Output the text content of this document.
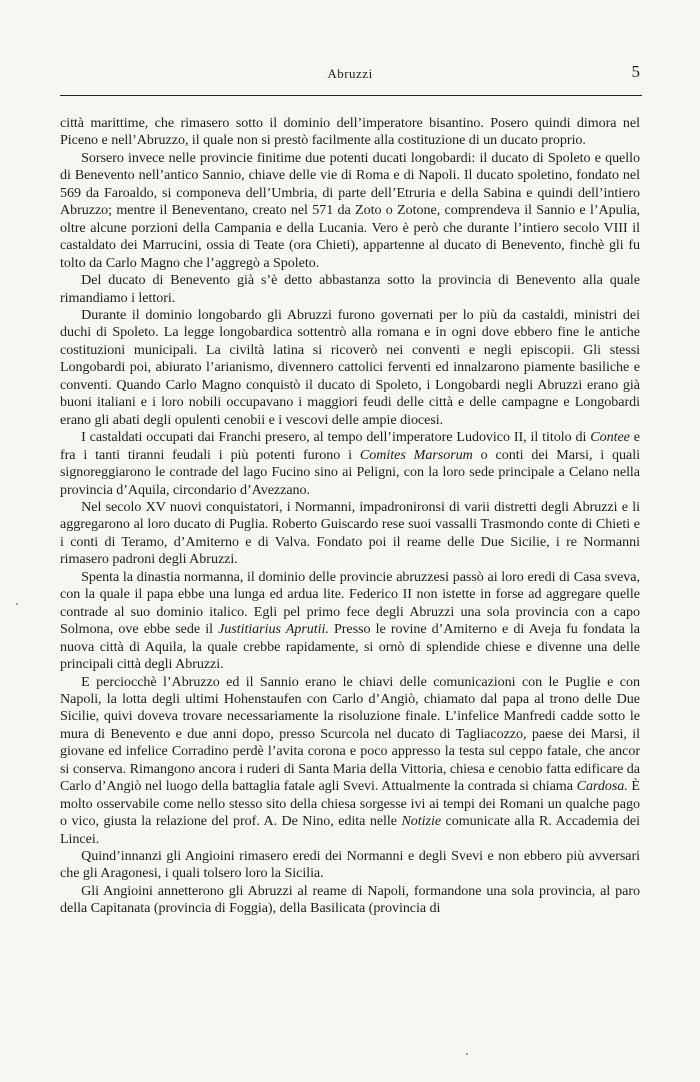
Abruzzi	5

città marittime, che rimasero sotto il dominio dell’imperatore bisantino. Posero quindi dimora nel Piceno e nell’Abruzzo, il quale non si prestò facilmente alla costituzione di un ducato proprio.

Sorsero invece nelle provincie finitime due potenti ducati longobardi: il ducato di Spoleto e quello di Benevento nell’antico Sannio, chiave delle vie di Roma e di Napoli. Il ducato spoletino, fondato nel 569 da Faroaldo, si componeva dell’Umbria, di parte dell’Etruria e della Sabina e quindi dell’intiero Abruzzo; mentre il Beneventano, creato nel 571 da Zoto o Zotone, comprendeva il Sannio e l’Apulia, oltre alcune porzioni della Campania e della Lucania. Vero è però che durante l’intiero secolo VIII il castaldato dei Marrucini, ossia di Teate (ora Chieti), appartenne al ducato di Benevento, finchè gli fu tolto da Carlo Magno che l’aggregò a Spoleto.

Del ducato di Benevento già s’è detto abbastanza sotto la provincia di Benevento alla quale rimandiamo i lettori.

Durante il dominio longobardo gli Abruzzi furono governati per lo più da castaldi, ministri dei duchi di Spoleto. La legge longobardica sottentrò alla romana e in ogni dove ebbero fine le antiche costituzioni municipali. La civiltà latina si ricoverò nei conventi e negli episcopii. Gli stessi Longobardi poi, abiurato l’arianismo, divennero cattolici ferventi ed innalzarono piamente basiliche e conventi. Quando Carlo Magno conquistò il ducato di Spoleto, i Longobardi negli Abruzzi erano già buoni italiani e i loro nobili occupavano i maggiori feudi delle città e delle campagne e Longobardi erano gli abati degli opulenti cenobii e i vescovi delle ampie diocesi.

I castaldati occupati dai Franchi presero, al tempo dell’imperatore Ludovico II, il titolo di Contee e fra i tanti tiranni feudali i più potenti furono i Comites Marsorum o conti dei Marsi, i quali signoreggiarono le contrade del lago Fucino sino ai Peligni, con la loro sede principale a Celano nella provincia d’Aquila, circondario d’Avezzano.

Nel secolo XV nuovi conquistatori, i Normanni, impadronironsi di varii distretti degli Abruzzi e li aggregarono al loro ducato di Puglia. Roberto Guiscardo rese suoi vassalli Trasmondo conte di Chieti e i conti di Teramo, d’Amiterno e di Valva. Fondato poi il reame delle Due Sicilie, i re Normanni rimasero padroni degli Abruzzi.

Spenta la dinastia normanna, il dominio delle provincie abruzzesi passò ai loro eredi di Casa sveva, con la quale il papa ebbe una lunga ed ardua lite. Federico II non istette in forse ad aggregare quelle contrade al suo dominio italico. Egli pel primo fece degli Abruzzi una sola provincia con a capo Solmona, ove ebbe sede il Justitiarius Aprutii. Presso le rovine d’Amiterno e di Aveja fu fondata la nuova città di Aquila, la quale crebbe rapidamente, si ornò di splendide chiese e divenne una delle principali città degli Abruzzi.

E perciocchè l’Abruzzo ed il Sannio erano le chiavi delle comunicazioni con le Puglie e con Napoli, la lotta degli ultimi Hohenstaufen con Carlo d’Angiò, chiamato dal papa al trono delle Due Sicilie, quivi doveva trovare necessariamente la risoluzione finale. L’infelice Manfredi cadde sotto le mura di Benevento e due anni dopo, presso Scurcola nel ducato di Tagliacozzo, paese dei Marsi, il giovane ed infelice Corradino perdè l’avita corona e poco appresso la testa sul ceppo fatale, che ancor si conserva. Rimangono ancora i ruderi di Santa Maria della Vittoria, chiesa e cenobio fatta edificare da Carlo d’Angiò nel luogo della battaglia fatale agli Svevi. Attualmente la contrada si chiama Cardosa. È molto osservabile come nello stesso sito della chiesa sorgesse ivi ai tempi dei Romani un qualche pago o vico, giusta la relazione del prof. A. De Nino, edita nelle Notizie comunicate alla R. Accademia dei Lincei.

Quind’innanzi gli Angioini rimasero eredi dei Normanni e degli Svevi e non ebbero più avversari che gli Aragonesi, i quali tolsero loro la Sicilia.

Gli Angioini annetterono gli Abruzzi al reame di Napoli, formandone una sola provincia, al paro della Capitanata (provincia di Foggia), della Basilicata (provincia di
